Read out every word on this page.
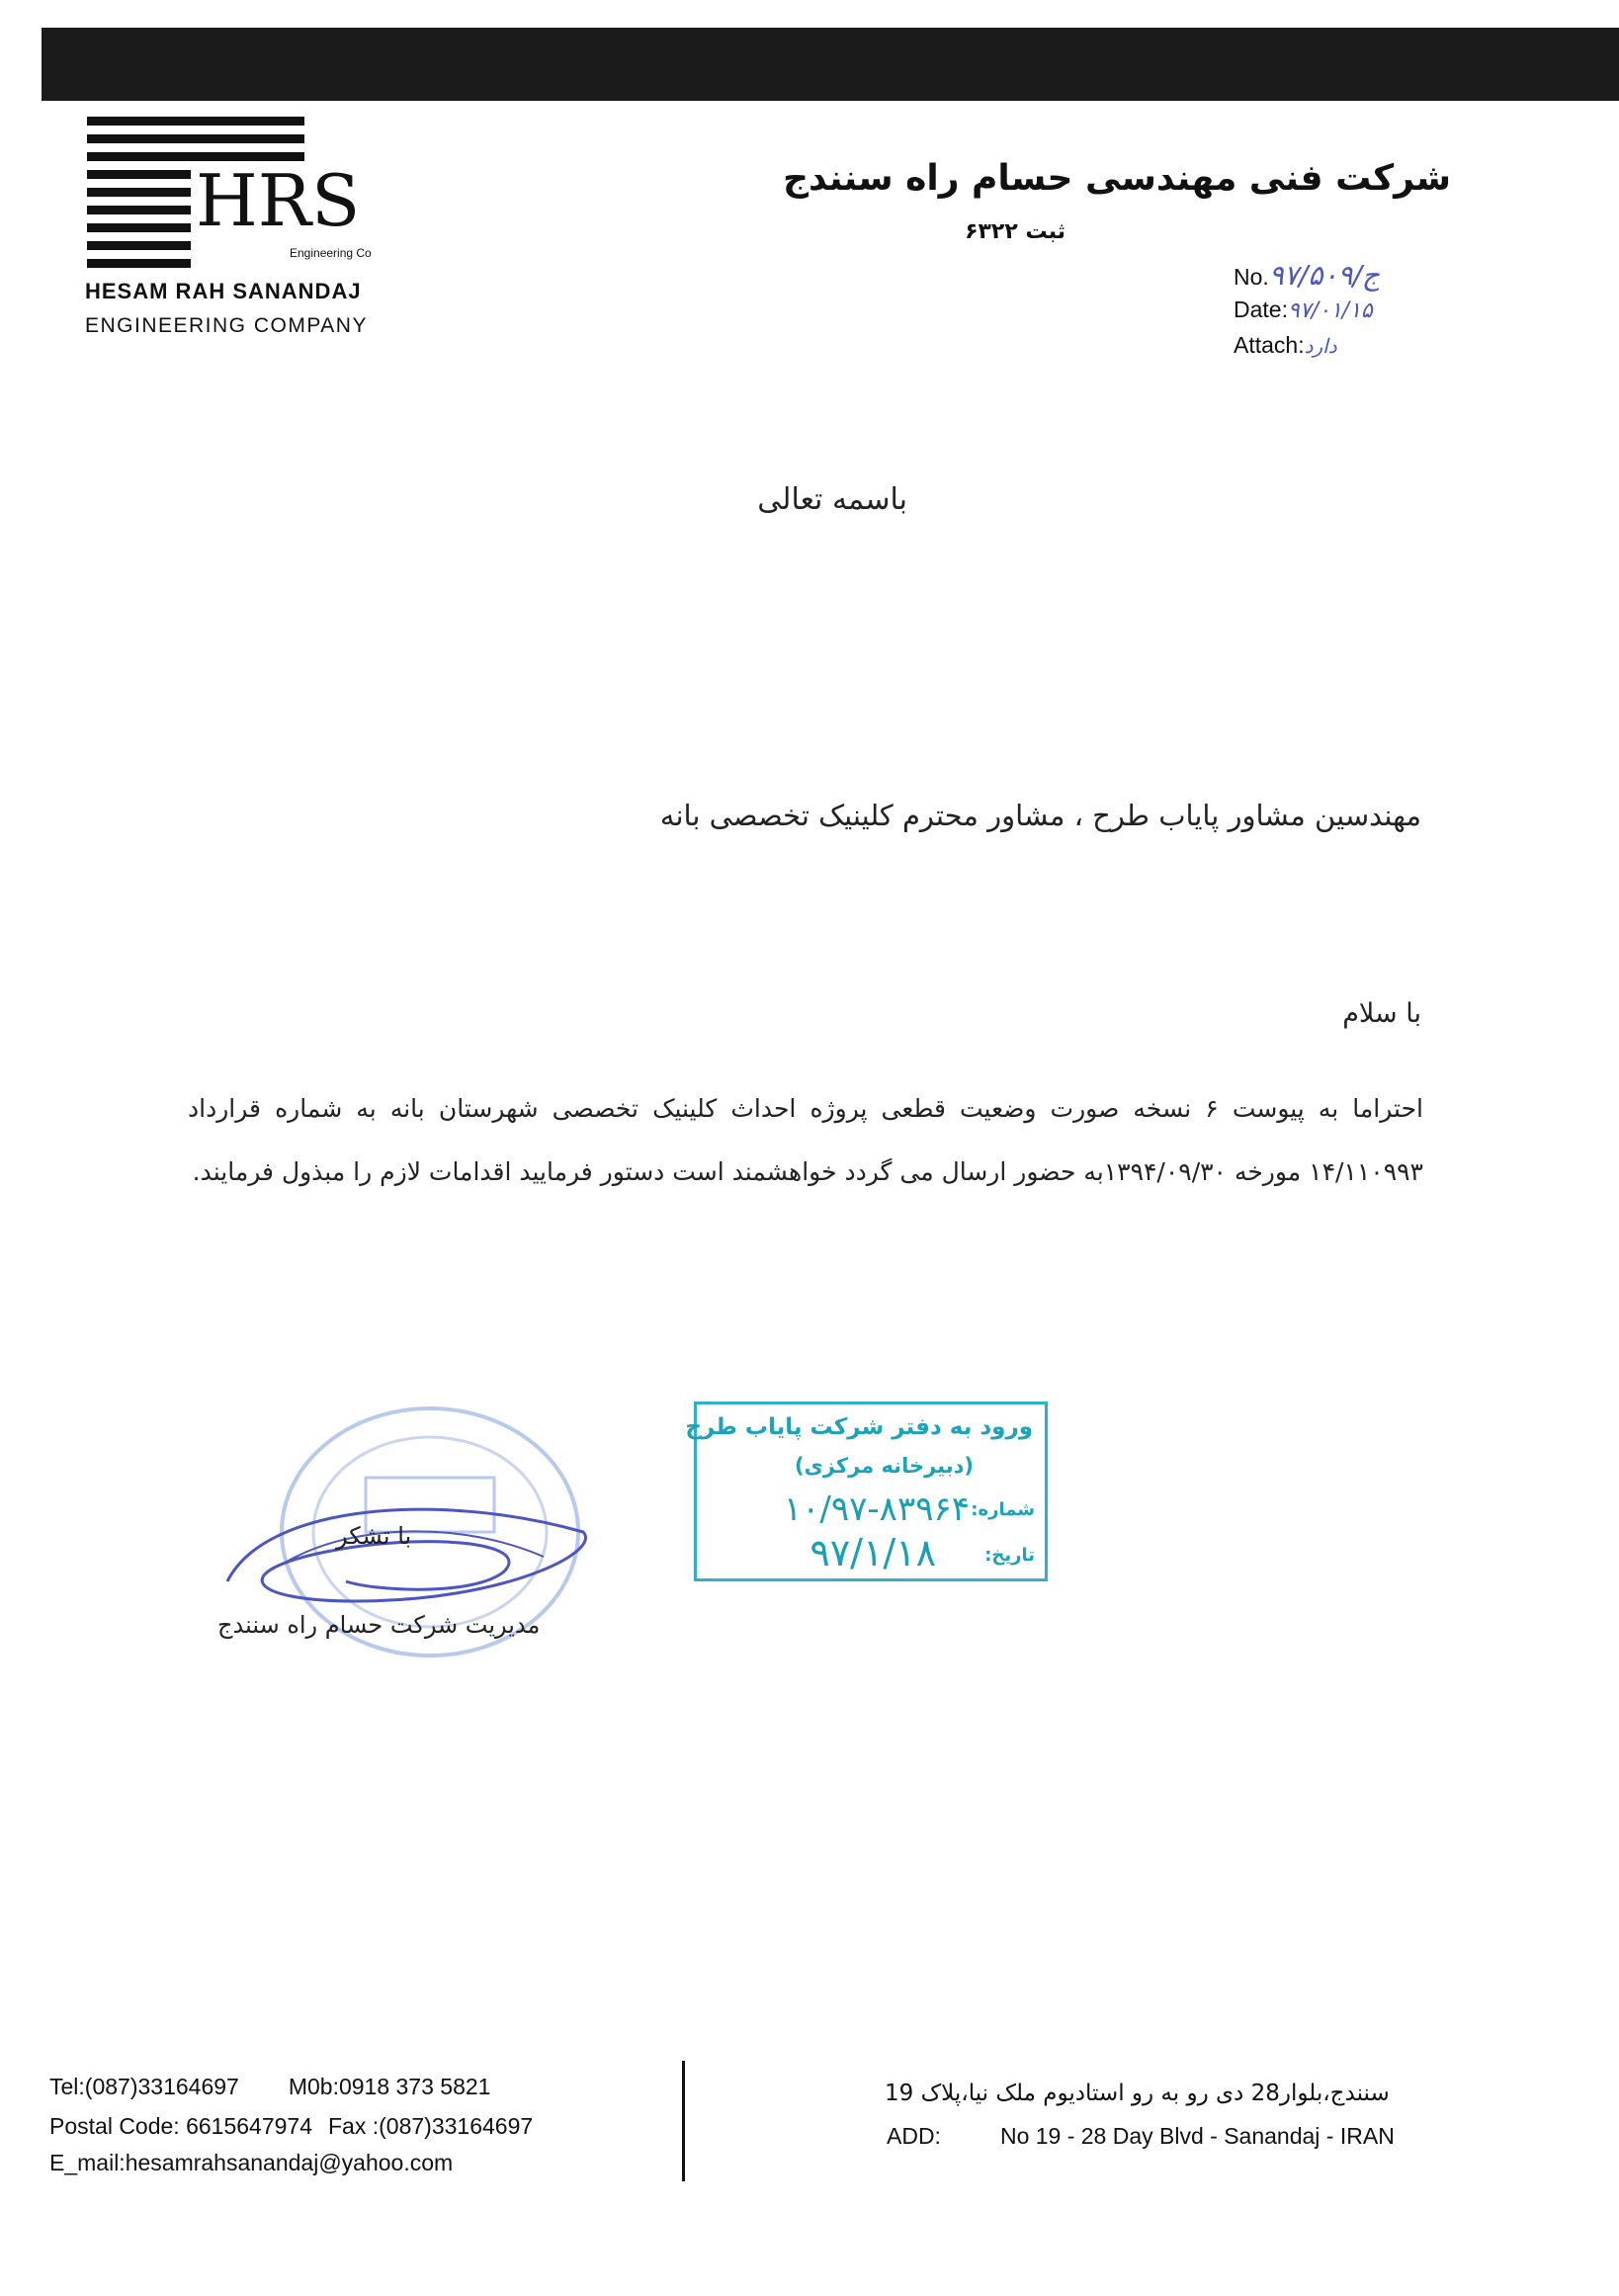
HRS
Engineering Co
HESAM RAH SANANDAJ
ENGINEERING COMPANY
شرکت فنی مهندسی حسام راه سنندج
ثبت ۶۳۲۲
No.۹۷/ج/۵۰۹
Date:۹۷/۰۱/۱۵
Attach:دارد
باسمه تعالی
مهندسین مشاور پایاب طرح ، مشاور محترم کلینیک تخصصی بانه
با سلام
احتراما به پیوست ۶ نسخه صورت وضعیت قطعی پروژه احداث کلینیک تخصصی شهرستان بانه به شماره قرارداد ۱۴/۱۱۰۹۹۳ مورخه ۱۳۹۴/۰۹/۳۰به حضور ارسال می گردد خواهشمند است دستور فرمایید اقدامات لازم را مبذول فرمایند.
با تشکر
مدیریت شرکت حسام راه سنندج
ورود به دفتر شرکت پایاب طرح
(دبیرخانه مرکزی)
شماره:
۱۰/۹۷-۸۳۹۶۴
تاریخ:
۹۷/۱/۱۸
Tel:(087)33164697 M0b:0918 373 5821
Postal Code: 6615647974 Fax :(087)33164697
E_mail:hesamrahsanandaj@yahoo.com
سنندج،بلوار28 دی رو به رو استادیوم ملک نیا،پلاک 19
ADD:	No 19 - 28 Day Blvd - Sanandaj - IRAN
